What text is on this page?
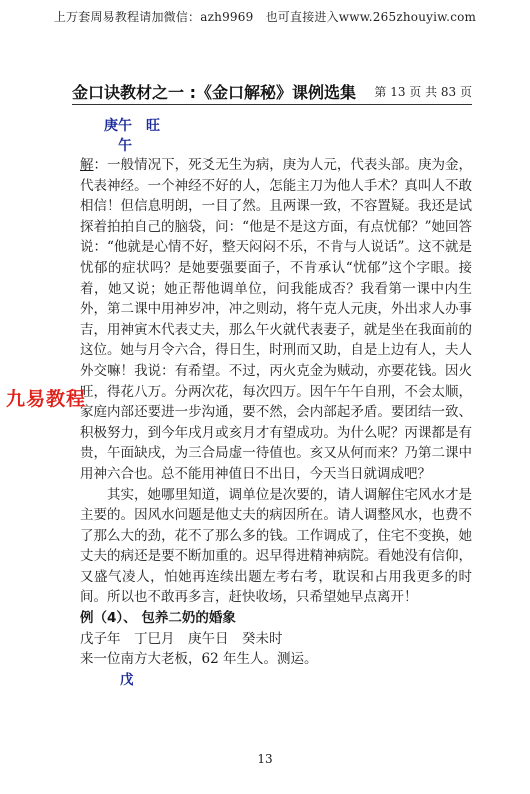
上万套周易教程请加微信：azh9969　也可直接进入www.265zhouyiw.com
金口诀教材之一 :《金口解秘》课例选集 第 13 页 共 83 页
庚午　旺
午

解：一般情况下，死爻无生为病，庚为人元，代表头部。庚为金，代表神经。一个神经不好的人，怎能主刀为他人手术？真叫人不敢相信！但信息明朗，一目了然。且两课一致，不容置疑。我还是试探着拍拍自己的脑袋，问：“他是不是这方面，有点忧郁？”她回答说：“他就是心情不好，整天闷闷不乐，不肯与人说话”。这不就是忧郁的症状吗？是她要强要面子，不肯承认“忧郁”这个字眼。接着，她又说；她正帮他调单位，问我能成否？我看第一课中内生外，第二课中用神岁冲，冲之则动，将午克人元庚，外出求人办事吉，用神寅木代表丈夫，那么午火就代表妻子，就是坐在我面前的这位。她与月令六合，得日生，时刑而又助，自是上边有人，夫人外交嘛！我说：有希望。不过，丙火克金为贼动，亦要花钱。因火旺，得花八万。分两次花，每次四万。因午午午自刑，不会太顺，家庭内部还要进一步沟通，要不然，会内部起矛盾。要团结一致、积极努力，到今年戌月或亥月才有望成功。为什么呢？丙课都是有贵，午面缺戌，为三合局虚一待值也。亥又从何而来？乃第二课中用神六合也。总不能用神值日不出日，今天当日就调成吧？

其实，她哪里知道，调单位是次要的，请人调解住宅风水才是主要的。因风水问题是他丈夫的病因所在。请人调整风水，也费不了那么大的劲，花不了那么多的钱。工作调成了，住宅不变换，她丈夫的病还是要不断加重的。迟早得进精神病院。看她没有信仰，又盛气凌人，怕她再连续出题左考右考，耽误和占用我更多的时间。所以也不敢再多言，赶快收场，只希望她早点离开！

例（4）、 包养二奶的婚象

戊子年　丁巳月　庚午日　癸未时

来一位南方大老板，62 年生人。测运。

戊

九易教程
13
